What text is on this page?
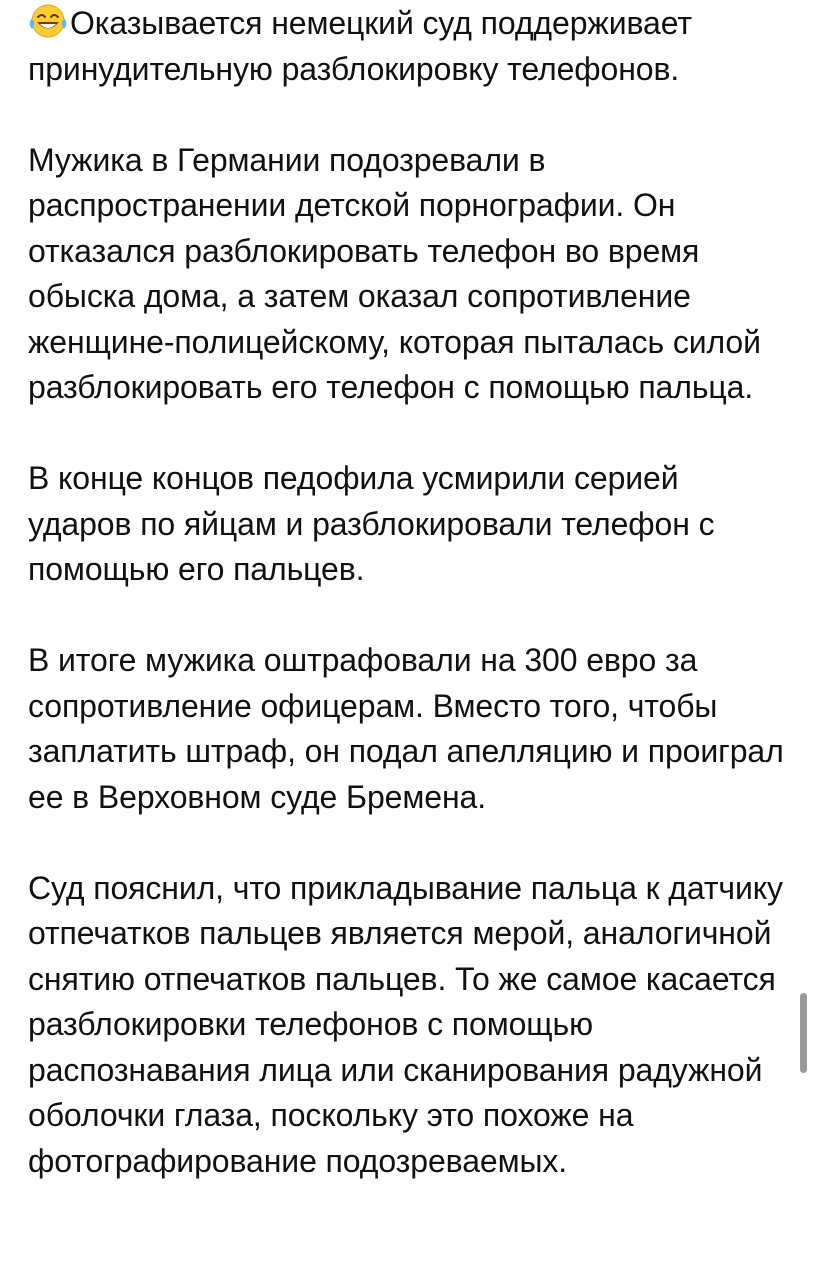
Оказывается немецкий суд поддерживает принудительную разблокировку телефонов.

Мужика в Германии подозревали в распространении детской порнографии. Он отказался разблокировать телефон во время обыска дома, а затем оказал сопротивление женщине-полицейскому, которая пыталась силой разблокировать его телефон с помощью пальца.

В конце концов педофила усмирили серией ударов по яйцам и разблокировали телефон с помощью его пальцев.

В итоге мужика оштрафовали на 300 евро за сопротивление офицерам. Вместо того, чтобы заплатить штраф, он подал апелляцию и проиграл ее в Верховном суде Бремена.

Суд пояснил, что прикладывание пальца к датчику отпечатков пальцев является мерой, аналогичной снятию отпечатков пальцев. То же самое касается разблокировки телефонов с помощью распознавания лица или сканирования радужной оболочки глаза, поскольку это похоже на фотографирование подозреваемых.
